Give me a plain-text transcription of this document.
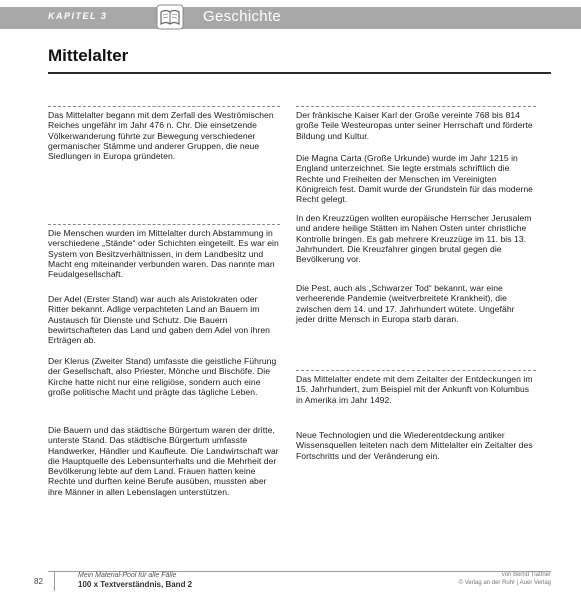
KAPITEL 3	Geschichte
Mittelalter

Das Mittelalter begann mit dem Zerfall des Weströmischen Reiches ungefähr im Jahr 476 n. Chr. Die einsetzende Völkerwanderung führte zur Bewegung verschiedener germanischer Stämme und anderer Gruppen, die neue Siedlungen in Europa gründeten.

Die Menschen wurden im Mittelalter durch Abstammung in verschiedene „Stände“ oder Schichten eingeteilt. Es war ein System von Besitzverhältnissen, in dem Landbesitz und Macht eng miteinander verbunden waren. Das nannte man Feudalgesellschaft.

Der Adel (Erster Stand) war auch als Aristokraten oder Ritter bekannt. Adlige verpachteten Land an Bauern im Austausch für Dienste und Schutz. Die Bauern bewirtschafteten das Land und gaben dem Adel von ihren Erträgen ab.

Der Klerus (Zweiter Stand) umfasste die geistliche Führung der Gesellschaft, also Priester, Mönche und Bischöfe. Die Kirche hatte nicht nur eine religiöse, sondern auch eine große politische Macht und prägte das tägliche Leben.

Die Bauern und das städtische Bürgertum waren der dritte, unterste Stand. Das städtische Bürgertum umfasste Handwerker, Händler und Kaufleute. Die Landwirtschaft war die Hauptquelle des Lebensunterhalts und die Mehrheit der Bevölkerung lebte auf dem Land. Frauen hatten keine Rechte und durften keine Berufe ausüben, mussten aber ihre Männer in allen Lebenslagen unterstützen.

Der fränkische Kaiser Karl der Große vereinte 768 bis 814 große Teile Westeuropas unter seiner Herrschaft und förderte Bildung und Kultur.

Die Magna Carta (Große Urkunde) wurde im Jahr 1215 in England unterzeichnet. Sie legte erstmals schriftlich die Rechte und Freiheiten der Menschen im Vereinigten Königreich fest. Damit wurde der Grundstein für das moderne Recht gelegt.

In den Kreuzzügen wollten europäische Herrscher Jerusalem und andere heilige Stätten im Nahen Osten unter christliche Kontrolle bringen. Es gab mehrere Kreuzzüge im 11. bis 13. Jahrhundert. Die Kreuzfahrer gingen brutal gegen die Bevölkerung vor.

Die Pest, auch als „Schwarzer Tod“ bekannt, war eine verheerende Pandemie (weitverbreitete Krankheit), die zwischen dem 14. und 17. Jahrhundert wütete. Ungefähr jeder dritte Mensch in Europa starb daran.

Das Mittelalter endete mit dem Zeitalter der Entdeckungen im 15. Jahrhundert, zum Beispiel mit der Ankunft von Kolumbus in Amerika im Jahr 1492.

Neue Technologien und die Wiederentdeckung antiker Wissensquellen leiteten nach dem Mittelalter ein Zeitalter des Fortschritts und der Veränderung ein.

82
Mein Material-Pool für alle Fälle
100 x Textverständnis, Band 2
von Bernd Tlattner
© Verlag an der Ruhr | Auer Verlag
